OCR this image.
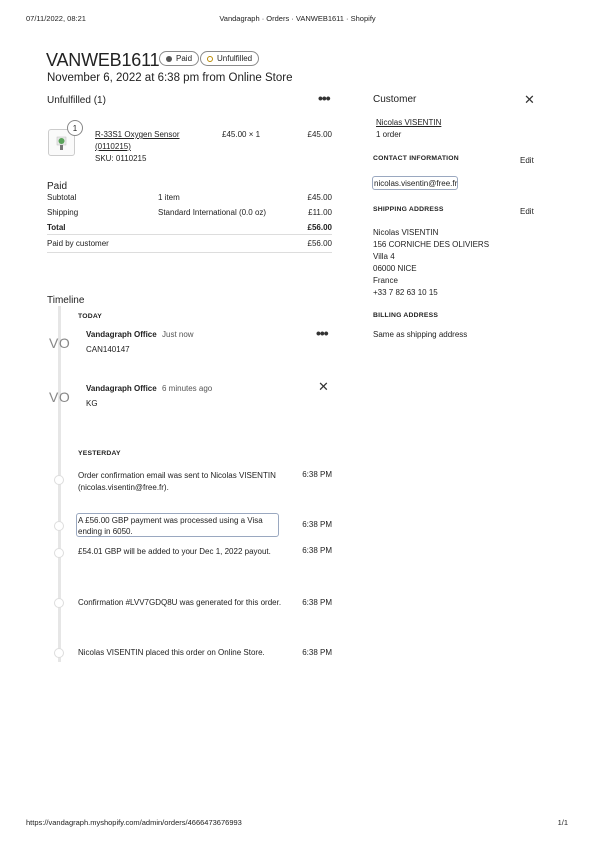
07/11/2022, 08:21	Vandagraph · Orders · VANWEB1611 · Shopify
VANWEB1611 Paid	Unfulfilled
November 6, 2022 at 6:38 pm from Online Store
Unfulfilled (1)	•••
1
R-33S1 Oxygen Sensor
(0110215)
SKU: 0110215
£45.00 × 1	£45.00
Paid
Subtotal	1 item	£45.00
Shipping	Standard International (0.0 oz)	£11.00
Total	£56.00
Paid by customer	£56.00
Timeline
TODAY
VO
Vandagraph Office Just now
CAN140147
•••
VO
Vandagraph Office 6 minutes ago
KG
✕
YESTERDAY
Order confirmation email was sent to Nicolas VISENTIN (nicolas.visentin@free.fr).
6:38 PM
A £56.00 GBP payment was processed using a Visa ending in 6050.
6:38 PM
£54.01 GBP will be added to your Dec 1, 2022 payout.	6:38 PM
Confirmation #LVV7GDQ8U was generated for this order.	6:38 PM
Nicolas VISENTIN placed this order on Online Store.	6:38 PM
Customer	✕
Nicolas VISENTIN
1 order
CONTACT INFORMATION	Edit
nicolas.visentin@free.fr
SHIPPING ADDRESS	Edit
Nicolas VISENTIN
156 CORNICHE DES OLIVIERS
Villa 4
06000 NICE
France
+33 7 82 63 10 15
BILLING ADDRESS
Same as shipping address
https://vandagraph.myshopify.com/admin/orders/4666473676993	1/1
